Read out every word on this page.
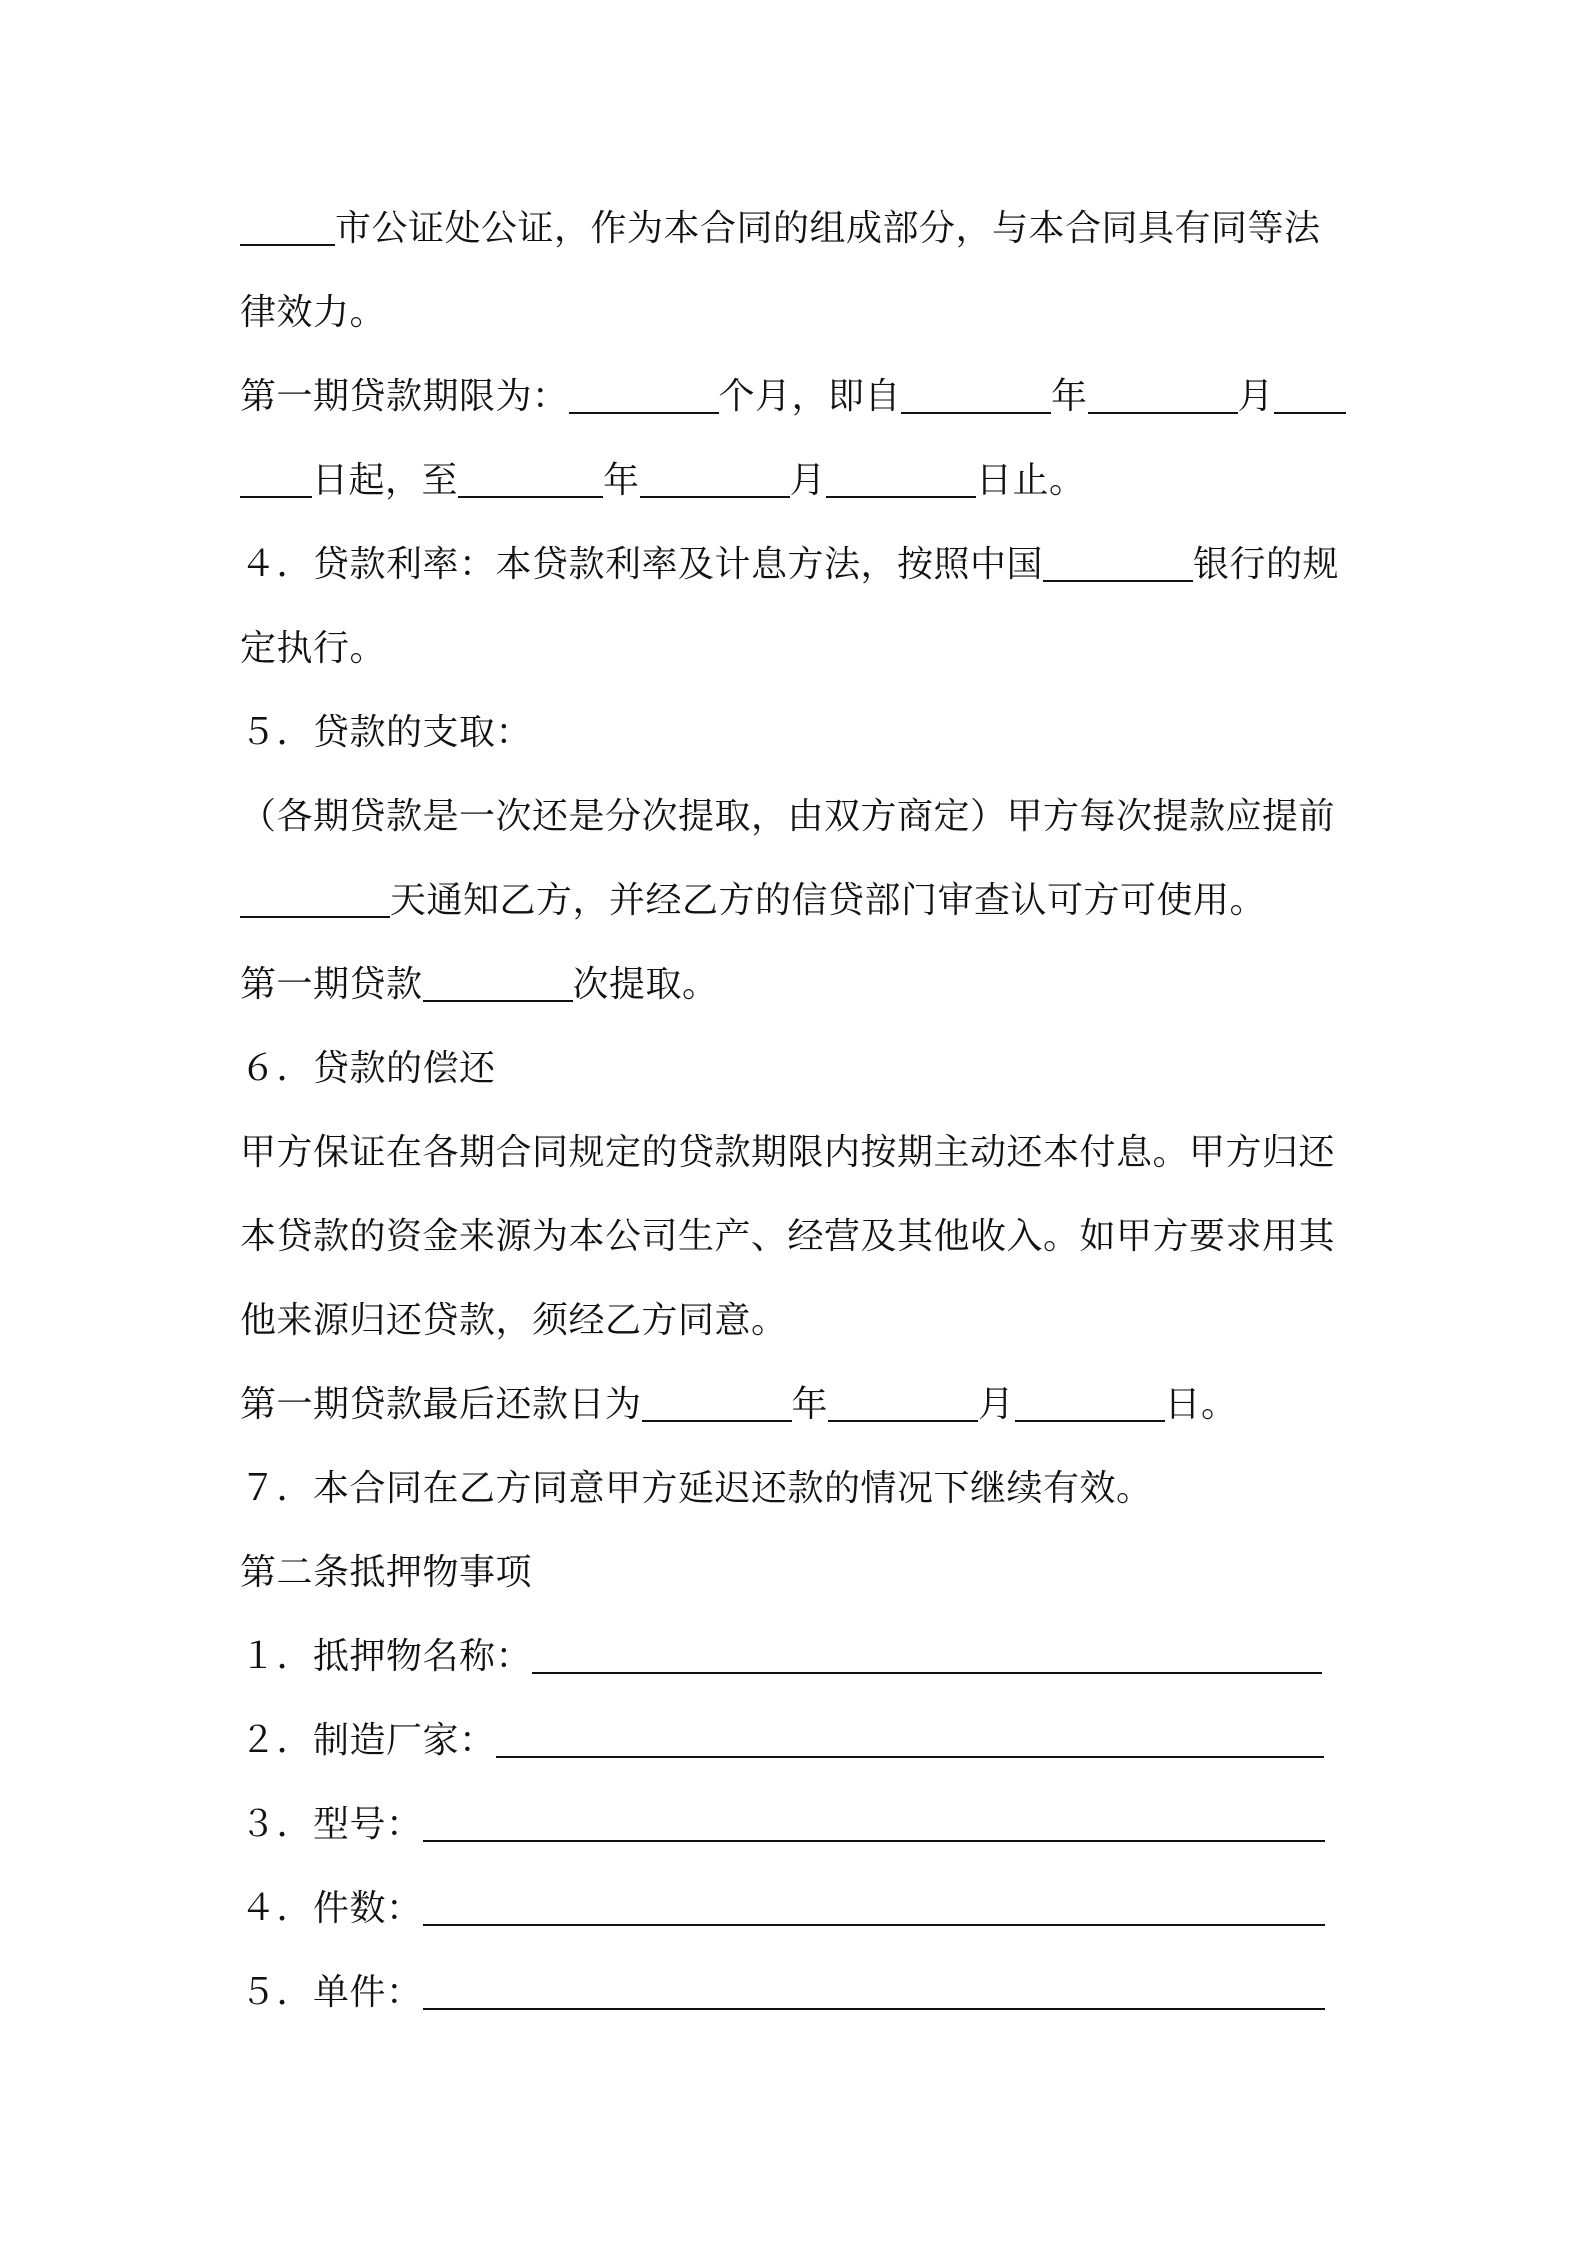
市公证处公证，作为本合同的组成部分，与本合同具有同等法
律效力。
第一期贷款期限为：	个月，即自	年	月
日起，至	年	月	日止。
４．贷款利率：本贷款利率及计息方法，按照中国	银行的规
定执行。
５．贷款的支取：
（各期贷款是一次还是分次提取，由双方商定）甲方每次提款应提前
天通知乙方，并经乙方的信贷部门审查认可方可使用。
第一期贷款	次提取。
６．贷款的偿还
甲方保证在各期合同规定的贷款期限内按期主动还本付息。甲方归还
本贷款的资金来源为本公司生产、经营及其他收入。如甲方要求用其
他来源归还贷款，须经乙方同意。
第一期贷款最后还款日为	年	月	日。
７．本合同在乙方同意甲方延迟还款的情况下继续有效。
第二条抵押物事项
１．抵押物名称：
２．制造厂家：
３．型号：
４．件数：
５．单件：
